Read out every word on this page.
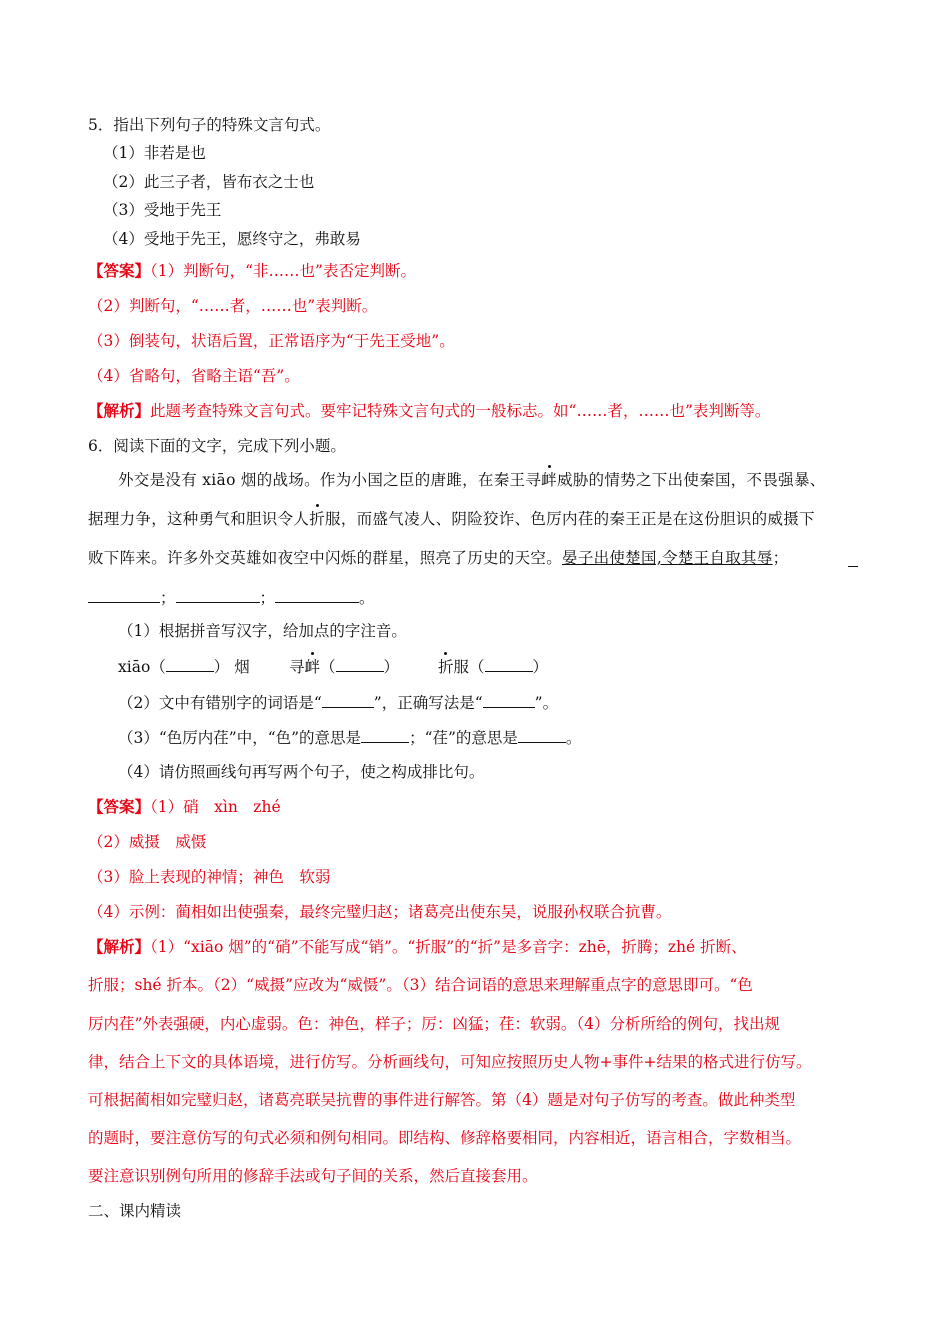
5．指出下列句子的特殊文言句式。
（1）非若是也
（2）此三子者，皆布衣之士也
（3）受地于先王
（4）受地于先王，愿终守之，弗敢易
【答案】（1）判断句，“非……也”表否定判断。
（2）判断句，“……者，……也”表判断。
（3）倒装句，状语后置，正常语序为“于先王受地”。
（4）省略句，省略主语“吾”。
【解析】此题考查特殊文言句式。要牢记特殊文言句式的一般标志。如“……者，……也”表判断等。
6．阅读下面的文字，完成下列小题。
外交是没有 xiāo 烟的战场。作为小国之臣的唐雎，在秦王寻衅威胁的情势之下出使秦国，不畏强暴、
据理力争，这种勇气和胆识令人折服，而盛气凌人、阴险狡诈、色厉内荏的秦王正是在这份胆识的威摄下
败下阵来。许多外交英雄如夜空中闪烁的群星，照亮了历史的天空。晏子出使楚国,令楚王自取其辱；
；	；	。
（1）根据拼音写汉字，给加点的字注音。
xiāo（	） 烟	寻衅（	）	折服（	）
（2）文中有错别字的词语是“	”，正确写法是“	”。
（3）“色厉内荏”中，“色”的意思是	；“荏”的意思是	。
（4）请仿照画线句再写两个句子，使之构成排比句。
【答案】（1）硝　xìn　zhé
（2）威摄　威慑
（3）脸上表现的神情；神色　软弱
（4）示例：蔺相如出使强秦，最终完璧归赵；诸葛亮出使东吴，说服孙权联合抗曹。
【解析】（1）“xiāo 烟”的“硝”不能写成“销”。“折服”的“折”是多音字：zhē，折腾；zhé 折断、
折服；shé 折本。（2）“威摄”应改为“威慑”。（3）结合词语的意思来理解重点字的意思即可。“色
厉内荏”外表强硬，内心虚弱。色：神色，样子；厉：凶猛；荏：软弱。（4）分析所给的例句，找出规
律，结合上下文的具体语境，进行仿写。分析画线句，可知应按照历史人物+事件+结果的格式进行仿写。
可根据蔺相如完璧归赵，诸葛亮联吴抗曹的事件进行解答。第（4）题是对句子仿写的考查。做此种类型
的题时，要注意仿写的句式必须和例句相同。即结构、修辞格要相同，内容相近，语言相合，字数相当。
要注意识别例句所用的修辞手法或句子间的关系，然后直接套用。
二、课内精读
